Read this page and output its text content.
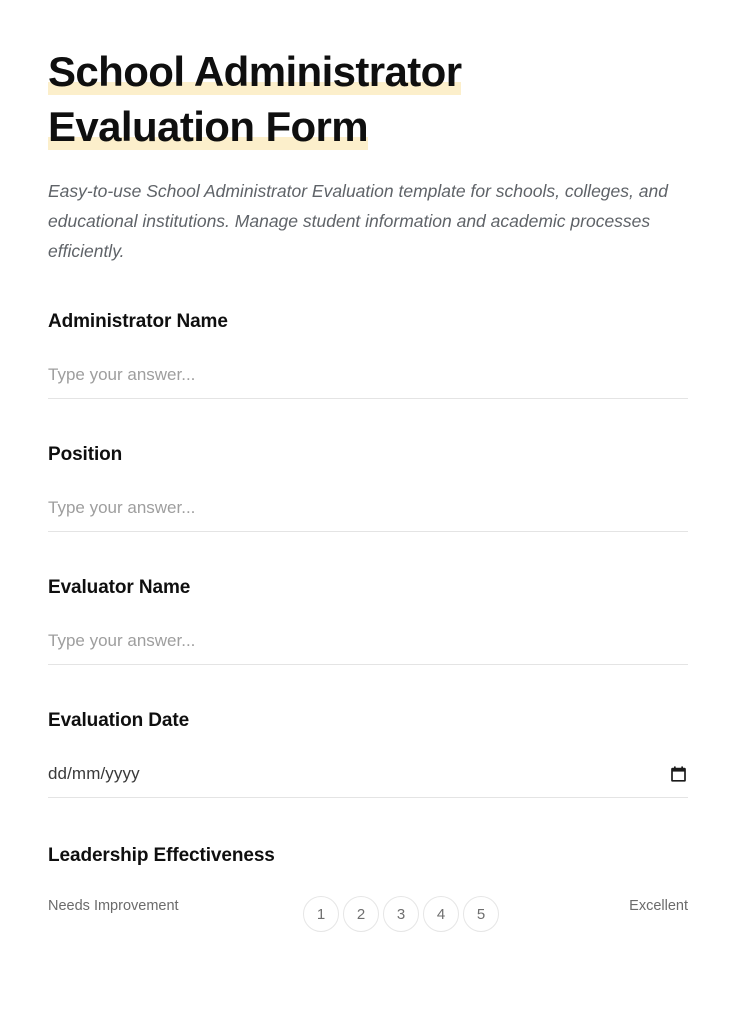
School Administrator
Evaluation Form

Easy-to-use School Administrator Evaluation template for schools, colleges, and educational institutions. Manage student information and academic processes efficiently.

Administrator Name
Type your answer...
Position
Type your answer...
Evaluator Name
Type your answer...
Evaluation Date
dd/mm/yyyy
Leadership Effectiveness
Needs Improvement	1	2	3	4	5	Excellent
